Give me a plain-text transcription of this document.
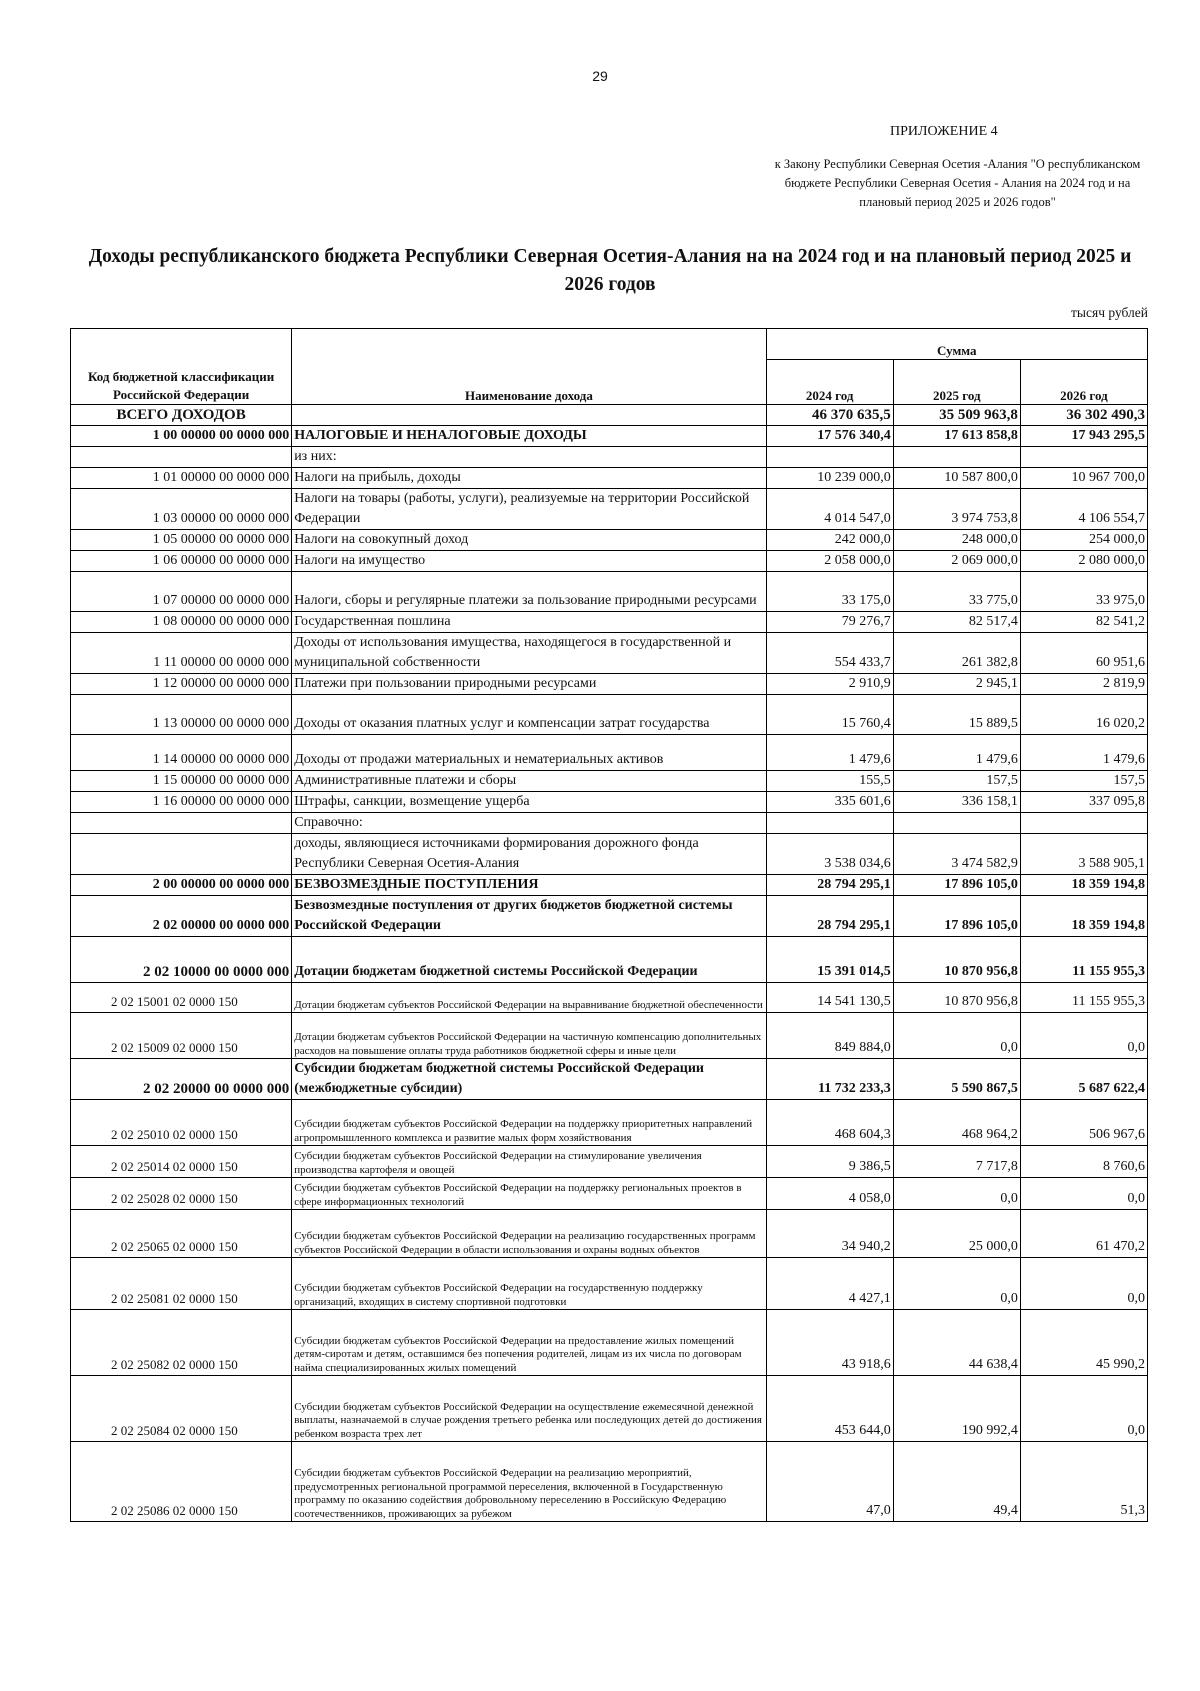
29
ПРИЛОЖЕНИЕ 4
к Закону Республики Северная Осетия -Алания "О республиканском бюджете Республики Северная Осетия - Алания на 2024 год и на плановый период 2025 и 2026 годов"
Доходы республиканского бюджета Республики Северная Осетия-Алания на на 2024 год и на плановый период 2025 и 2026 годов
тысяч рублей
Код бюджетной классификации Российской Федерации	Наименование дохода	Сумма		
		2024 год	2025 год	2026 год
ВСЕГО ДОХОДОВ		46 370 635,5	35 509 963,8	36 302 490,3
1 00 00000 00 0000 000	НАЛОГОВЫЕ И НЕНАЛОГОВЫЕ ДОХОДЫ	17 576 340,4	17 613 858,8	17 943 295,5
	из них:			
1 01 00000 00 0000 000	Налоги на прибыль, доходы	10 239 000,0	10 587 800,0	10 967 700,0
1 03 00000 00 0000 000	Налоги на товары (работы, услуги), реализуемые на территории Российской Федерации	4 014 547,0	3 974 753,8	4 106 554,7
1 05 00000 00 0000 000	Налоги на совокупный доход	242 000,0	248 000,0	254 000,0
1 06 00000 00 0000 000	Налоги на имущество	2 058 000,0	2 069 000,0	2 080 000,0
1 07 00000 00 0000 000	Налоги, сборы и регулярные платежи за пользование природными ресурсами	33 175,0	33 775,0	33 975,0
1 08 00000 00 0000 000	Государственная пошлина	79 276,7	82 517,4	82 541,2
1 11 00000 00 0000 000	Доходы от использования имущества, находящегося в государственной и муниципальной собственности	554 433,7	261 382,8	60 951,6
1 12 00000 00 0000 000	Платежи при пользовании природными ресурсами	2 910,9	2 945,1	2 819,9
1 13 00000 00 0000 000	Доходы от оказания платных услуг и компенсации затрат государства	15 760,4	15 889,5	16 020,2
1 14 00000 00 0000 000	Доходы от продажи материальных и нематериальных активов	1 479,6	1 479,6	1 479,6
1 15 00000 00 0000 000	Административные платежи и сборы	155,5	157,5	157,5
1 16 00000 00 0000 000	Штрафы, санкции, возмещение ущерба	335 601,6	336 158,1	337 095,8
	Справочно:			
	доходы, являющиеся источниками формирования дорожного фонда Республики Северная Осетия-Алания	3 538 034,6	3 474 582,9	3 588 905,1
2 00 00000 00 0000 000	БЕЗВОЗМЕЗДНЫЕ ПОСТУПЛЕНИЯ	28 794 295,1	17 896 105,0	18 359 194,8
2 02 00000 00 0000 000	Безвозмездные поступления от других бюджетов бюджетной системы Российской Федерации	28 794 295,1	17 896 105,0	18 359 194,8
2 02 10000 00 0000 000	Дотации бюджетам бюджетной системы Российской Федерации	15 391 014,5	10 870 956,8	11 155 955,3
2 02 15001 02 0000 150	Дотации бюджетам субъектов Российской Федерации на выравнивание бюджетной обеспеченности	14 541 130,5	10 870 956,8	11 155 955,3
2 02 15009 02 0000 150	Дотации бюджетам субъектов Российской Федерации на частичную компенсацию дополнительных расходов на повышение оплаты труда работников бюджетной сферы и иные цели	849 884,0	0,0	0,0
2 02 20000 00 0000 000	Субсидии бюджетам бюджетной системы Российской Федерации (межбюджетные субсидии)	11 732 233,3	5 590 867,5	5 687 622,4
2 02 25010 02 0000 150	Субсидии бюджетам субъектов Российской Федерации на поддержку приоритетных направлений агропромышленного комплекса и развитие малых форм хозяйствования	468 604,3	468 964,2	506 967,6
2 02 25014 02 0000 150	Субсидии бюджетам субъектов Российской Федерации на стимулирование увеличения производства картофеля и овощей	9 386,5	7 717,8	8 760,6
2 02 25028 02 0000 150	Субсидии бюджетам субъектов Российской Федерации на поддержку региональных проектов в сфере информационных технологий	4 058,0	0,0	0,0
2 02 25065 02 0000 150	Субсидии бюджетам субъектов Российской Федерации на реализацию государственных программ субъектов Российской Федерации в области использования и охраны водных объектов	34 940,2	25 000,0	61 470,2
2 02 25081 02 0000 150	Субсидии бюджетам субъектов Российской Федерации на государственную поддержку организаций, входящих в систему спортивной подготовки	4 427,1	0,0	0,0
2 02 25082 02 0000 150	Субсидии бюджетам субъектов Российской Федерации на предоставление жилых помещений детям-сиротам и детям, оставшимся без попечения родителей, лицам из их числа по договорам найма специализированных жилых помещений	43 918,6	44 638,4	45 990,2
2 02 25084 02 0000 150	Субсидии бюджетам субъектов Российской Федерации на осуществление ежемесячной денежной выплаты, назначаемой в случае рождения третьего ребенка или последующих детей до достижения ребенком возраста трех лет	453 644,0	190 992,4	0,0
2 02 25086 02 0000 150	Субсидии бюджетам субъектов Российской Федерации на реализацию мероприятий, предусмотренных региональной программой переселения, включенной в Государственную программу по оказанию содействия добровольному переселению в Российскую Федерацию соотечественников, проживающих за рубежом	47,0	49,4	51,3
